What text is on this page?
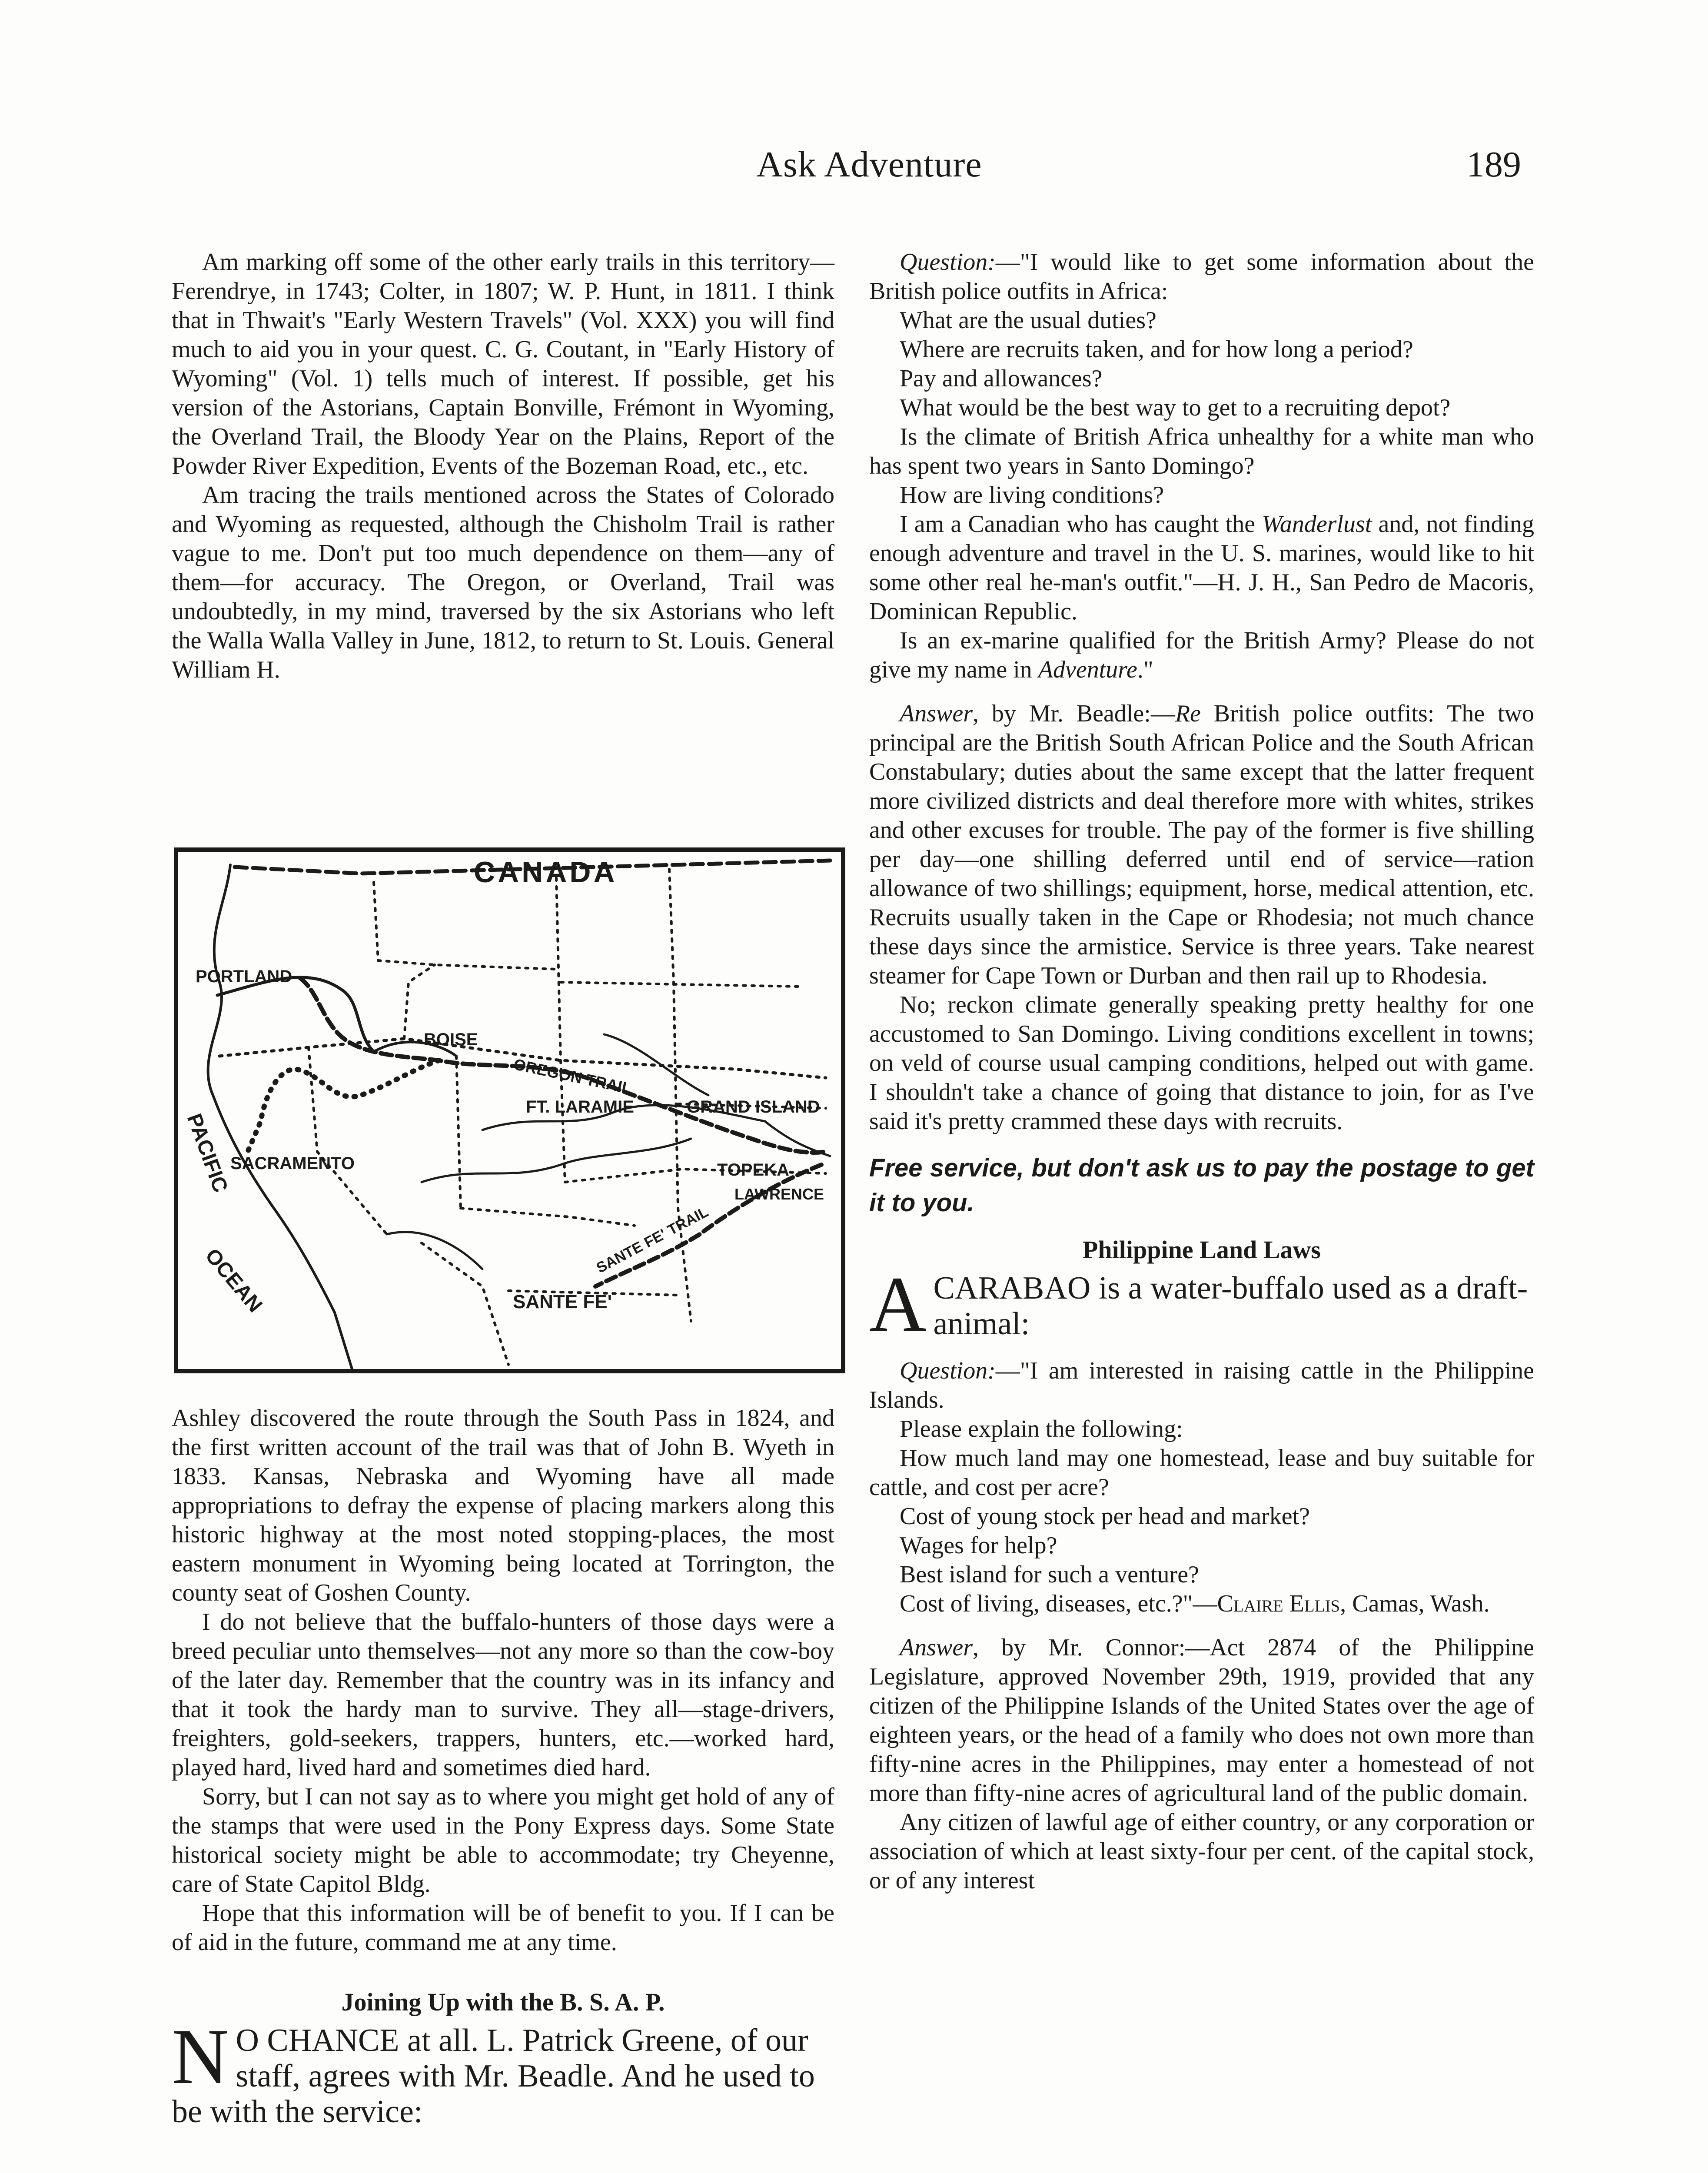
Ask Adventure	189

Am marking off some of the other early trails in this territory—Ferendrye, in 1743; Colter, in 1807; W. P. Hunt, in 1811. I think that in Thwait's "Early Western Travels" (Vol. XXX) you will find much to aid you in your quest. C. G. Coutant, in "Early History of Wyoming" (Vol. 1) tells much of interest. If possible, get his version of the Astorians, Captain Bonville, Frémont in Wyoming, the Overland Trail, the Bloody Year on the Plains, Report of the Powder River Expedition, Events of the Bozeman Road, etc., etc.

Am tracing the trails mentioned across the States of Colorado and Wyoming as requested, although the Chisholm Trail is rather vague to me. Don't put too much dependence on them—any of them—for accuracy. The Oregon, or Overland, Trail was undoubtedly, in my mind, traversed by the six Astorians who left the Walla Walla Valley in June, 1812, to return to St. Louis. General William H.

CANADA
PORTLAND
BOISE
OREGON TRAIL
GRAND ISLAND
FT. LARAMIE
PACIFIC
OCEAN
SACRAMENTO	TOPEKA
LAWRENCE
SANTE FE' TRAIL
SANTE FE'

Ashley discovered the route through the South Pass in 1824, and the first written account of the trail was that of John B. Wyeth in 1833. Kansas, Nebraska and Wyoming have all made appropriations to defray the expense of placing markers along this historic highway at the most noted stopping-places, the most eastern monument in Wyoming being located at Torrington, the county seat of Goshen County.

I do not believe that the buffalo-hunters of those days were a breed peculiar unto themselves—not any more so than the cow-boy of the later day. Remember that the country was in its infancy and that it took the hardy man to survive. They all—stage-drivers, freighters, gold-seekers, trappers, hunters, etc.—worked hard, played hard, lived hard and sometimes died hard.

Sorry, but I can not say as to where you might get hold of any of the stamps that were used in the Pony Express days. Some State historical society might be able to accommodate; try Cheyenne, care of State Capitol Bldg.

Hope that this information will be of benefit to you. If I can be of aid in the future, command me at any time.

Joining Up with the B. S. A. P.

N O CHANCE at all. L. Patrick Greene, of our staff, agrees with Mr. Beadle. And he used to be with the service:

Question:—"I would like to get some information about the British police outfits in Africa:

What are the usual duties?

Where are recruits taken, and for how long a period?

Pay and allowances?

What would be the best way to get to a recruiting depot?

Is the climate of British Africa unhealthy for a white man who has spent two years in Santo Domingo?

How are living conditions?

I am a Canadian who has caught the Wanderlust and, not finding enough adventure and travel in the U. S. marines, would like to hit some other real he-man's outfit."—H. J. H., San Pedro de Macoris, Dominican Republic.

Is an ex-marine qualified for the British Army? Please do not give my name in Adventure."

Answer, by Mr. Beadle:—Re British police outfits: The two principal are the British South African Police and the South African Constabulary; duties about the same except that the latter frequent more civilized districts and deal therefore more with whites, strikes and other excuses for trouble. The pay of the former is five shilling per day—one shilling deferred until end of service—ration allowance of two shillings; equipment, horse, medical attention, etc. Recruits usually taken in the Cape or Rhodesia; not much chance these days since the armistice. Service is three years. Take nearest steamer for Cape Town or Durban and then rail up to Rhodesia.

No; reckon climate generally speaking pretty healthy for one accustomed to San Domingo. Living conditions excellent in towns; on veld of course usual camping conditions, helped out with game. I shouldn't take a chance of going that distance to join, for as I've said it's pretty crammed these days with recruits.

Free service, but don't ask us to pay the postage to get it to you.

Philippine Land Laws

ACARABAO is a water-buffalo used as a draft-animal:

Question:—"I am interested in raising cattle in the Philippine Islands.

Please explain the following:

How much land may one homestead, lease and buy suitable for cattle, and cost per acre?

Cost of young stock per head and market?

Wages for help?

Best island for such a venture?

Cost of living, diseases, etc.?"—Claire Ellis, Camas, Wash.

Answer, by Mr. Connor:—Act 2874 of the Philippine Legislature, approved November 29th, 1919, provided that any citizen of the Philippine Islands of the United States over the age of eighteen years, or the head of a family who does not own more than fifty-nine acres in the Philippines, may enter a homestead of not more than fifty-nine acres of agricultural land of the public domain.

Any citizen of lawful age of either country, or any corporation or association of which at least sixty-four per cent. of the capital stock, or of any interest
